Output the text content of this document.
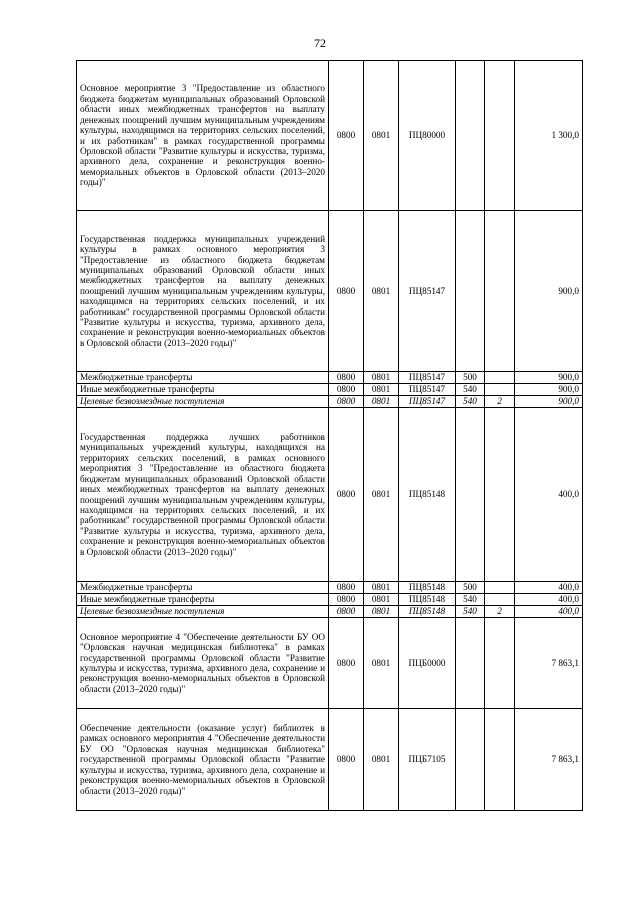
72
Основное мероприятие 3 "Предоставление из областного бюджета бюджетам муниципальных образований Орловской области иных межбюджетных трансфертов на выплату денежных поощрений лучшим муниципальным учреждениям культуры, находящимся на территориях сельских поселений, и их работникам" в рамках государственной программы Орловской области "Развитие культуры и искусства, туризма, архивного дела, сохранение и реконструкция военно-мемориальных объектов в Орловской области (2013–2020 годы)"	0800	0801	ПЦ80000			1 300,0
Государственная поддержка муниципальных учреждений культуры в рамках основного мероприятия 3 "Предоставление из областного бюджета бюджетам муниципальных образований Орловской области иных межбюджетных трансфертов на выплату денежных поощрений лучшим муниципальным учреждениям культуры, находящимся на территориях сельских поселений, и их работникам" государственной программы Орловской области "Развитие культуры и искусства, туризма, архивного дела, сохранение и реконструкция военно-мемориальных объектов в Орловской области (2013–2020 годы)"	0800	0801	ПЦ85147			900,0
Межбюджетные трансферты	0800	0801	ПЦ85147	500		900,0
Иные межбюджетные трансферты	0800	0801	ПЦ85147	540		900,0
Целевые безвозмездные поступления	0800	0801	ПЦ85147	540	2	900,0
Государственная поддержка лучших работников муниципальных учреждений культуры, находящихся на территориях сельских поселений, в рамках основного мероприятия 3 "Предоставление из областного бюджета бюджетам муниципальных образований Орловской области иных межбюджетных трансфертов на выплату денежных поощрений лучшим муниципальным учреждениям культуры, находящимся на территориях сельских поселений, и их работникам" государственной программы Орловской области "Развитие культуры и искусства, туризма, архивного дела, сохранение и реконструкция военно-мемориальных объектов в Орловской области (2013–2020 годы)"	0800	0801	ПЦ85148			400,0
Межбюджетные трансферты	0800	0801	ПЦ85148	500		400,0
Иные межбюджетные трансферты	0800	0801	ПЦ85148	540		400,0
Целевые безвозмездные поступления	0800	0801	ПЦ85148	540	2	400,0
Основное мероприятие 4 "Обеспечение деятельности БУ ОО "Орловская научная медицинская библиотека" в рамках государственной программы Орловской области "Развитие культуры и искусства, туризма, архивного дела, сохранение и реконструкция военно-мемориальных объектов в Орловской области (2013–2020 годы)"	0800	0801	ПЦБ0000			7 863,1
Обеспечение деятельности (оказание услуг) библиотек в рамках основного мероприятия 4 "Обеспечение деятельности БУ ОО "Орловская научная медицинская библиотека" государственной программы Орловской области "Развитие культуры и искусства, туризма, архивного дела, сохранение и реконструкция военно-мемориальных объектов в Орловской области (2013–2020 годы)"	0800	0801	ПЦБ7105			7 863,1
